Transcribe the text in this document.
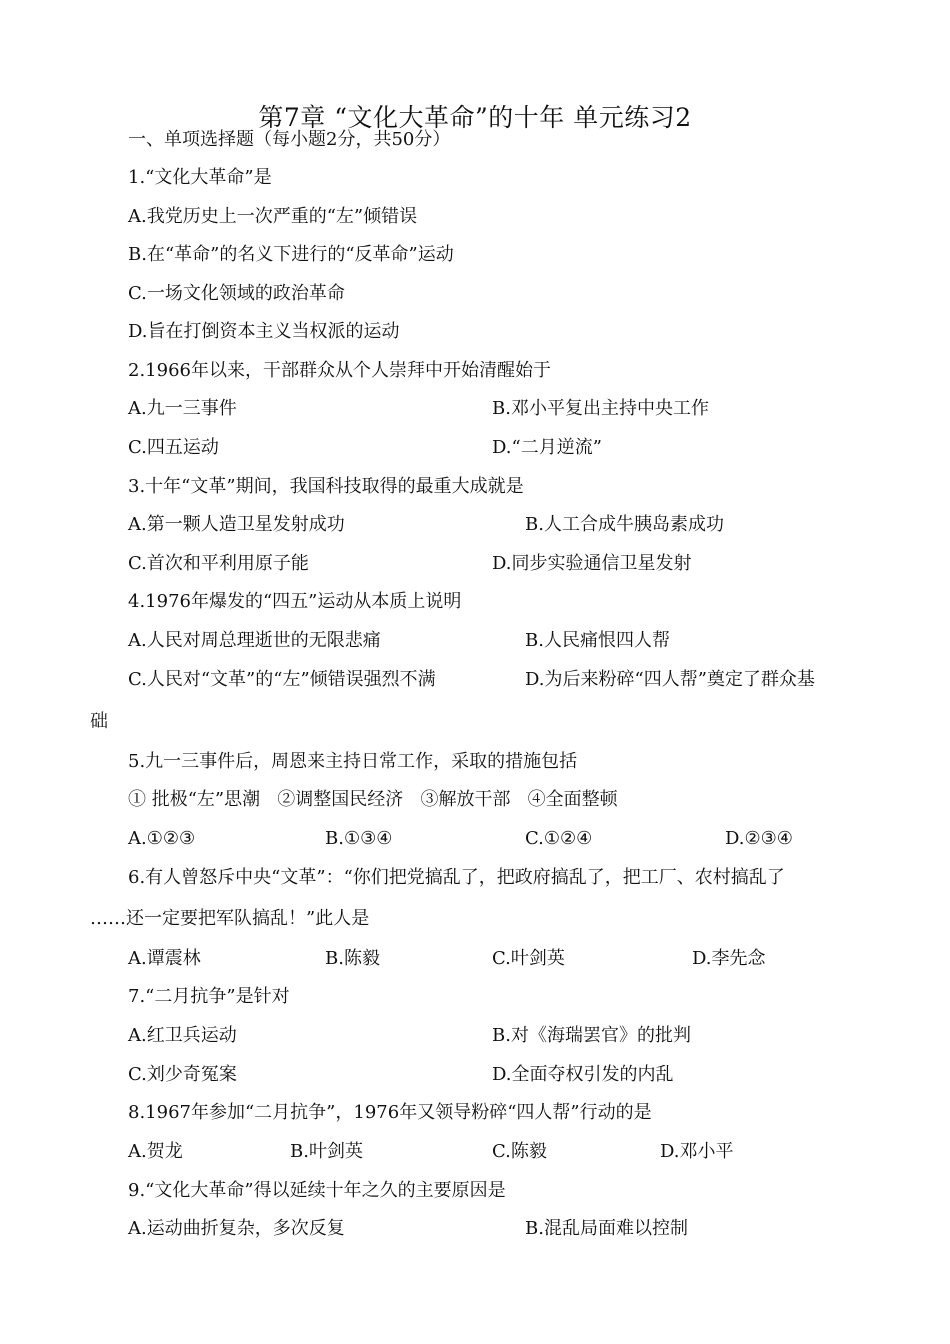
第7章 “文化大革命”的十年 单元练习2
一、单项选择题（每小题2分，共50分）
1.“文化大革命”是
A.我党历史上一次严重的“左”倾错误
B.在“革命”的名义下进行的“反革命”运动
C.一场文化领域的政治革命
D.旨在打倒资本主义当权派的运动
2.1966年以来，干部群众从个人崇拜中开始清醒始于
A.九一三事件	B.邓小平复出主持中央工作
C.四五运动	D.“二月逆流”
3.十年“文革”期间，我国科技取得的最重大成就是
A.第一颗人造卫星发射成功	B.人工合成牛胰岛素成功
C.首次和平利用原子能	D.同步实验通信卫星发射
4.1976年爆发的“四五”运动从本质上说明
A.人民对周总理逝世的无限悲痛	B.人民痛恨四人帮
C.人民对“文革”的“左”倾错误强烈不满	D.为后来粉碎“四人帮”奠定了群众基
础
5.九一三事件后，周恩来主持日常工作，采取的措施包括
① 批极“左”思潮   ②调整国民经济   ③解放干部   ④全面整顿
A.①②③	B.①③④	C.①②④	D.②③④
6.有人曾怒斥中央“文革”：“你们把党搞乱了，把政府搞乱了，把工厂、农村搞乱了
……还一定要把军队搞乱！”此人是
A.谭震林	B.陈毅	C.叶剑英	D.李先念
7.“二月抗争”是针对
A.红卫兵运动	B.对《海瑞罢官》的批判
C.刘少奇冤案	D.全面夺权引发的内乱
8.1967年参加“二月抗争”，1976年又领导粉碎“四人帮”行动的是
A.贺龙	B.叶剑英	C.陈毅	D.邓小平
9.“文化大革命”得以延续十年之久的主要原因是
A.运动曲折复杂，多次反复	B.混乱局面难以控制
